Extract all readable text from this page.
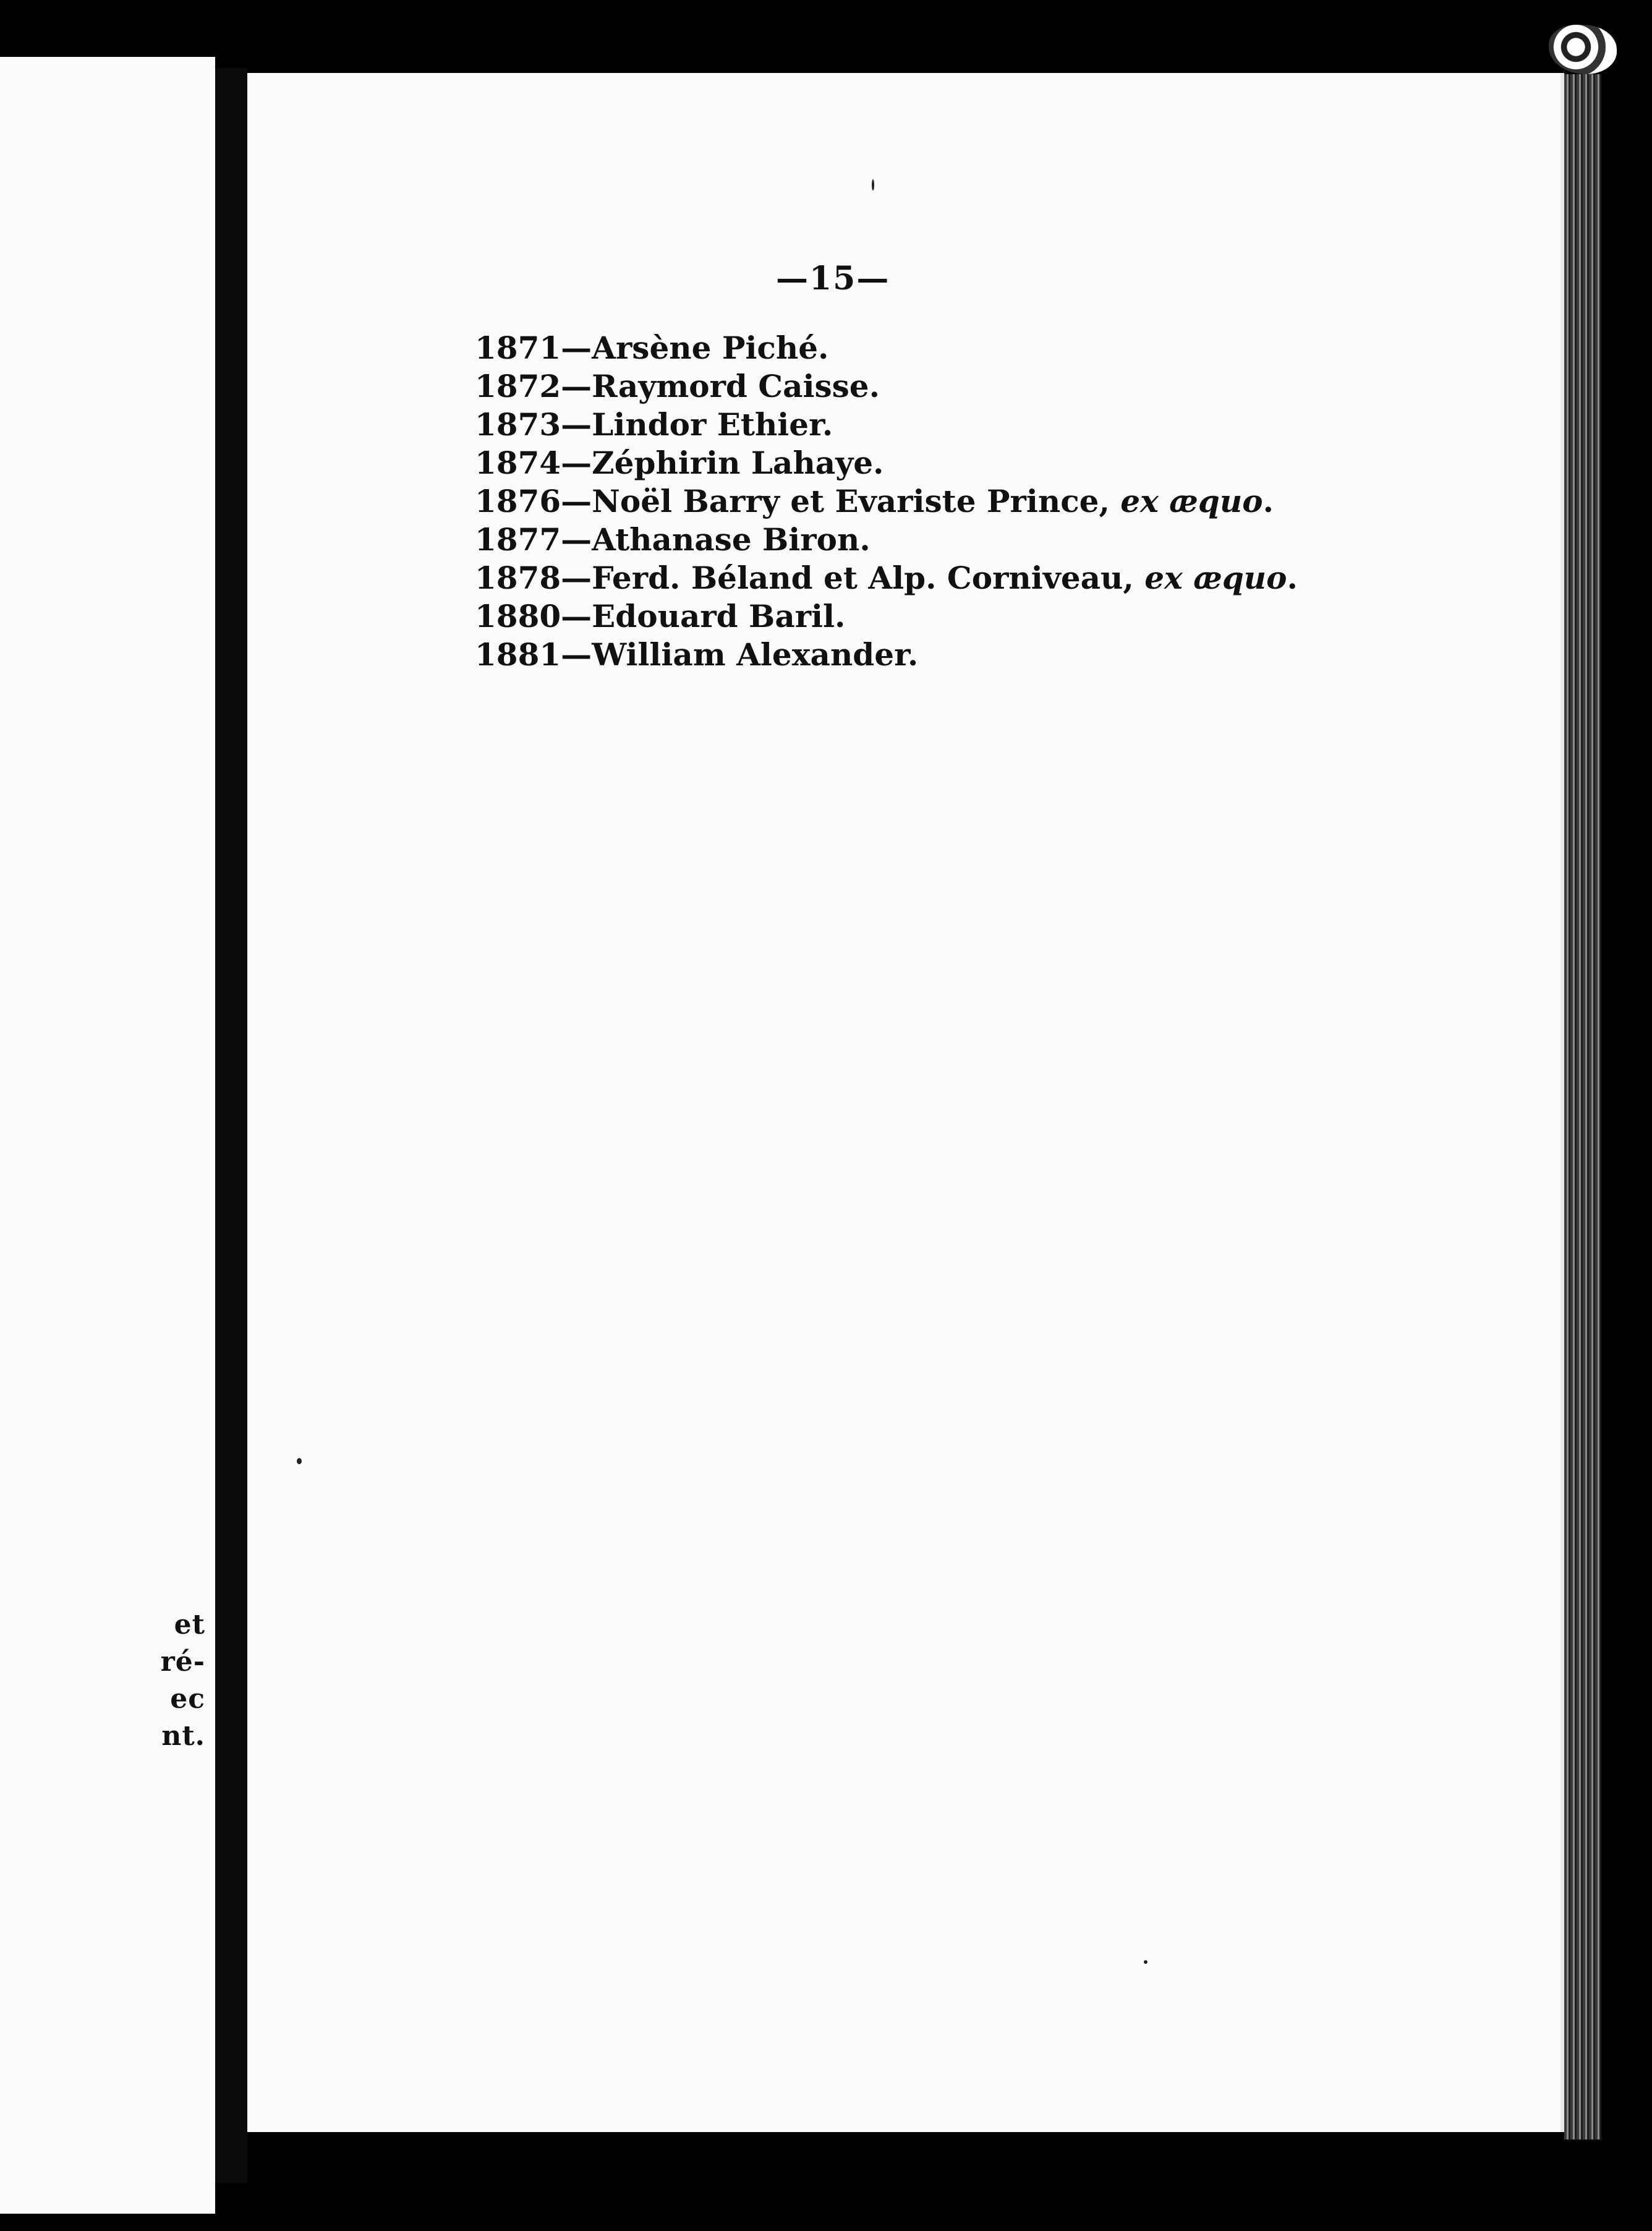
et
ré-
ec
nt.
—15—
1871—Arsène Piché.
1872—Raymord Caisse.
1873—Lindor Ethier.
1874—Zéphirin Lahaye.
1876—Noël Barry et Evariste Prince, ex æquo.
1877—Athanase Biron.
1878—Ferd. Béland et Alp. Corniveau, ex æquo.
1880—Edouard Baril.
1881—William Alexander.
